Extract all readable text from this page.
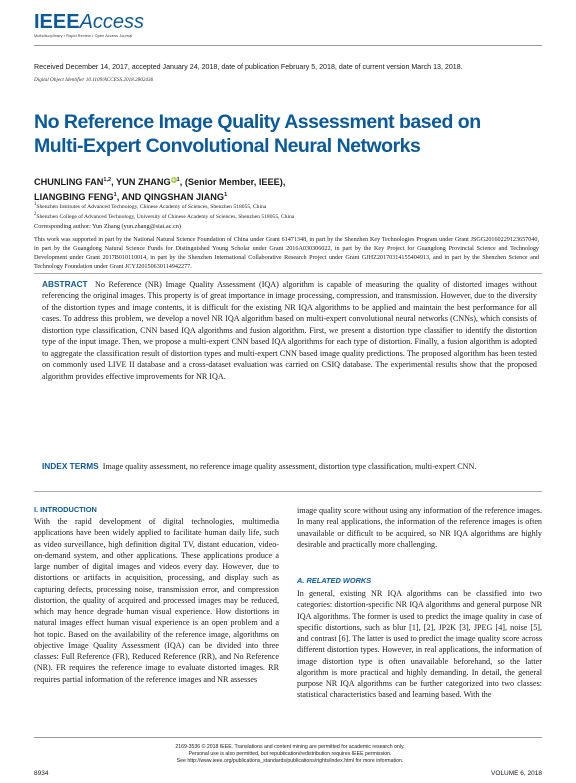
IEEEAccess
Multidisciplinary • Rapid Review • Open Access Journal
Received December 14, 2017, accepted January 24, 2018, date of publication February 5, 2018, date of current version March 13, 2018.
Digital Object Identifier 10.1109/ACCESS.2018.2802436
No Reference Image Quality Assessment based on Multi-Expert Convolutional Neural Networks
CHUNLING FAN$^{1,2}$, YUN ZHANGiD$^1$, (Senior Member, IEEE),
LIANGBING FENG$^1$, AND QINGSHAN JIANG$^1$
$^1$Shenzhen Institutes of Advanced Technology, Chinese Academy of Sciences, Shenzhen 518055, China
$^2$Shenzhen College of Advanced Technology, University of Chinese Academy of Sciences, Shenzhen 518055, China
Corresponding author: Yun Zhang (yun.zhang@siat.ac.cn)
This work was supported in part by the National Natural Science Foundation of China under Grant 61471348, in part by the Shenzhen Key Technologies Program under Grant JSGG20160229123657040, in part by the Guangdong Natural Science Funds for Distinguished Young Scholar under Grant 2016A030306022, in part by the Key Project for Guangdong Provincial Science and Technology Development under Grant 2017B010110014, in part by the Shenzhen International Collaborative Research Project under Grant GJHZ20170314155404913, and in part by the Shenzhen Science and Technology Foundation under Grant JCYJ20150630114942277.
ABSTRACT No Reference (NR) Image Quality Assessment (IQA) algorithm is capable of measuring the quality of distorted images without referencing the original images. This property is of great importance in image processing, compression, and transmission. However, due to the diversity of the distortion types and image contents, it is difficult for the existing NR IQA algorithms to be applied and maintain the best performance for all cases. To address this problem, we develop a novel NR IQA algorithm based on multi-expert convolutional neural networks (CNNs), which consists of distortion type classification, CNN based IQA algorithms and fusion algorithm. First, we present a distortion type classifier to identify the distortion type of the input image. Then, we propose a multi-expert CNN based IQA algorithms for each type of distortion. Finally, a fusion algorithm is adopted to aggregate the classification result of distortion types and multi-expert CNN based image quality predictions. The proposed algorithm has been tested on commonly used LIVE II database and a cross-dataset evaluation was carried on CSIQ database. The experimental results show that the proposed algorithm provides effective improvements for NR IQA.
INDEX TERMS Image quality assessment, no reference image quality assessment, distortion type classification, multi-expert CNN.
I. INTRODUCTION
With the rapid development of digital technologies, multimedia applications have been widely applied to facilitate human daily life, such as video surveillance, high definition digital TV, distant education, video-on-demand system, and other applications. These applications produce a large number of digital images and videos every day. However, due to distortions or artifacts in acquisition, processing, and display such as capturing defects, processing noise, transmission error, and compression distortion, the quality of acquired and processed images may be reduced, which may hence degrade human visual experience. How distortions in natural images effect human visual experience is an open problem and a hot topic. Based on the availability of the reference image, algorithms on objective Image Quality Assessment (IQA) can be divided into three classes: Full Reference (FR), Reduced Reference (RR), and No Reference (NR). FR requires the reference image to evaluate distorted images. RR requires partial information of the reference images and NR assesses
image quality score without using any information of the reference images. In many real applications, the information of the reference images is often unavailable or difficult to be acquired, so NR IQA algorithms are highly desirable and practically more challenging.
A. RELATED WORKS
In general, existing NR IQA algorithms can be classified into two categories: distortion-specific NR IQA algorithms and general purpose NR IQA algorithms. The former is used to predict the image quality in case of specific distortions, such as blur [1], [2], JP2K [3], JPEG [4], noise [5], and contrast [6]. The latter is used to predict the image quality score across different distortion types. However, in real applications, the information of image distortion type is often unavailable beforehand, so the latter algorithm is more practical and highly demanding. In detail, the general purpose NR IQA algorithms can be further categorized into two classes: statistical characteristics based and learning based. With the
8934
2169-3536 © 2018 IEEE. Translations and content mining are permitted for academic research only.
Personal use is also permitted, but republication/redistribution requires IEEE permission.
See http://www.ieee.org/publications_standards/publications/rights/index.html for more information.
VOLUME 6, 2018
